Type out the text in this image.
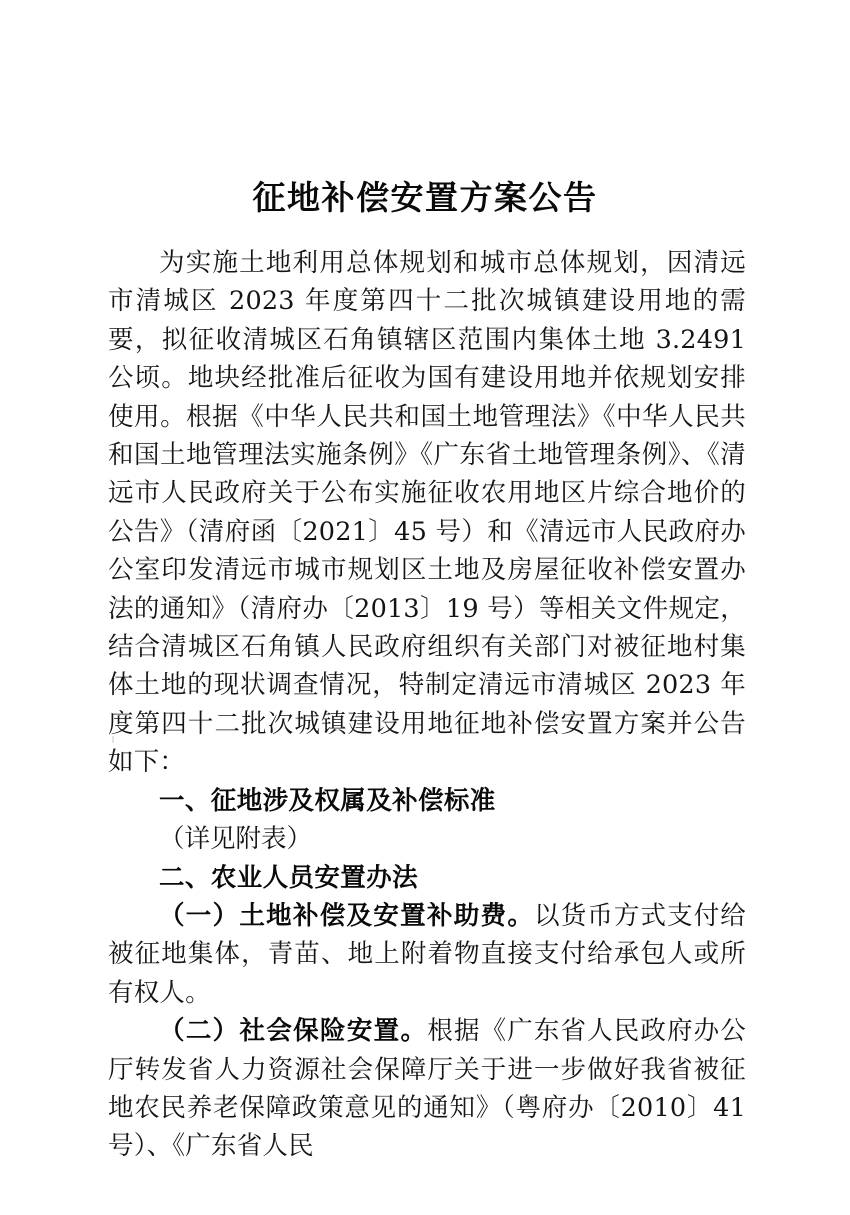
征地补偿安置方案公告

为实施土地利用总体规划和城市总体规划，因清远市清城区 2023 年度第四十二批次城镇建设用地的需要，拟征收清城区石角镇辖区范围内集体土地 3.2491 公顷。地块经批准后征收为国有建设用地并依规划安排使用。根据《中华人民共和国土地管理法》《中华人民共和国土地管理法实施条例》《广东省土地管理条例》、《清远市人民政府关于公布实施征收农用地区片综合地价的公告》（清府函〔2021〕45 号）和《清远市人民政府办公室印发清远市城市规划区土地及房屋征收补偿安置办法的通知》（清府办〔2013〕19 号）等相关文件规定，结合清城区石角镇人民政府组织有关部门对被征地村集体土地的现状调查情况，特制定清远市清城区 2023 年度第四十二批次城镇建设用地征地补偿安置方案并公告如下：

一、征地涉及权属及补偿标准

（详见附表）

二、农业人员安置办法

（一）土地补偿及安置补助费。以货币方式支付给被征地集体，青苗、地上附着物直接支付给承包人或所有权人。

（二）社会保险安置。根据《广东省人民政府办公厅转发省人力资源社会保障厅关于进一步做好我省被征地农民养老保障政策意见的通知》（粤府办〔2010〕41 号）、《广东省人民
